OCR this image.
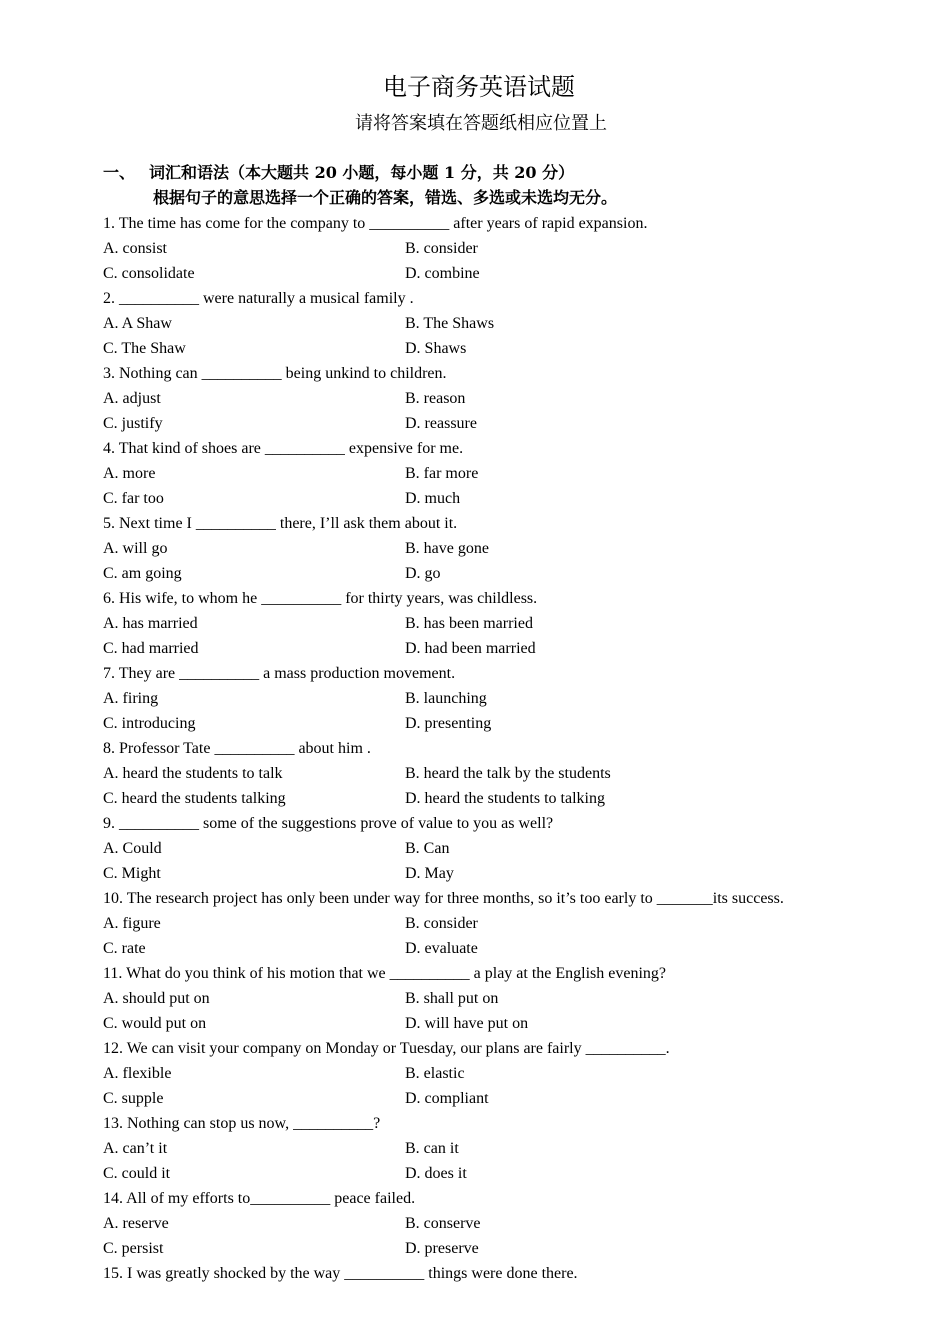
电子商务英语试题
请将答案填在答题纸相应位置上
一、 词汇和语法（本大题共 20 小题，每小题 1 分，共 20 分）
根据句子的意思选择一个正确的答案，错选、多选或未选均无分。
1. The time has come for the company to __________ after years of rapid expansion.
A. consist	B. consider
C. consolidate	D. combine
2. __________ were naturally a musical family .
A. A Shaw	B. The Shaws
C. The Shaw	D. Shaws
3. Nothing can __________ being unkind to children.
A. adjust	B. reason
C. justify	D. reassure
4. That kind of shoes are __________ expensive for me.
A. more	B. far more
C. far too	D. much
5. Next time I __________ there, I’ll ask them about it.
A. will go	B. have gone
C. am going	D. go
6. His wife, to whom he __________ for thirty years, was childless.
A. has married	B. has been married
C. had married	D. had been married
7. They are __________ a mass production movement.
A. firing	B. launching
C. introducing	D. presenting
8. Professor Tate __________ about him .
A. heard the students to talk	B. heard the talk by the students
C. heard the students talking	D. heard the students to talking
9. __________ some of the suggestions prove of value to you as well?
A. Could	B. Can
C. Might	D. May
10. The research project has only been under way for three months, so it’s too early to _______its success.
A. figure	B. consider
C. rate	D. evaluate
11. What do you think of his motion that we __________ a play at the English evening?
A. should put on	B. shall put on
C. would put on	D. will have put on
12. We can visit your company on Monday or Tuesday, our plans are fairly __________.
A. flexible	B. elastic
C. supple	D. compliant
13. Nothing can stop us now, __________?
A. can’t it	B. can it
C. could it	D. does it
14. All of my efforts to__________ peace failed.
A. reserve	B. conserve
C. persist	D. preserve
15. I was greatly shocked by the way __________ things were done there.
